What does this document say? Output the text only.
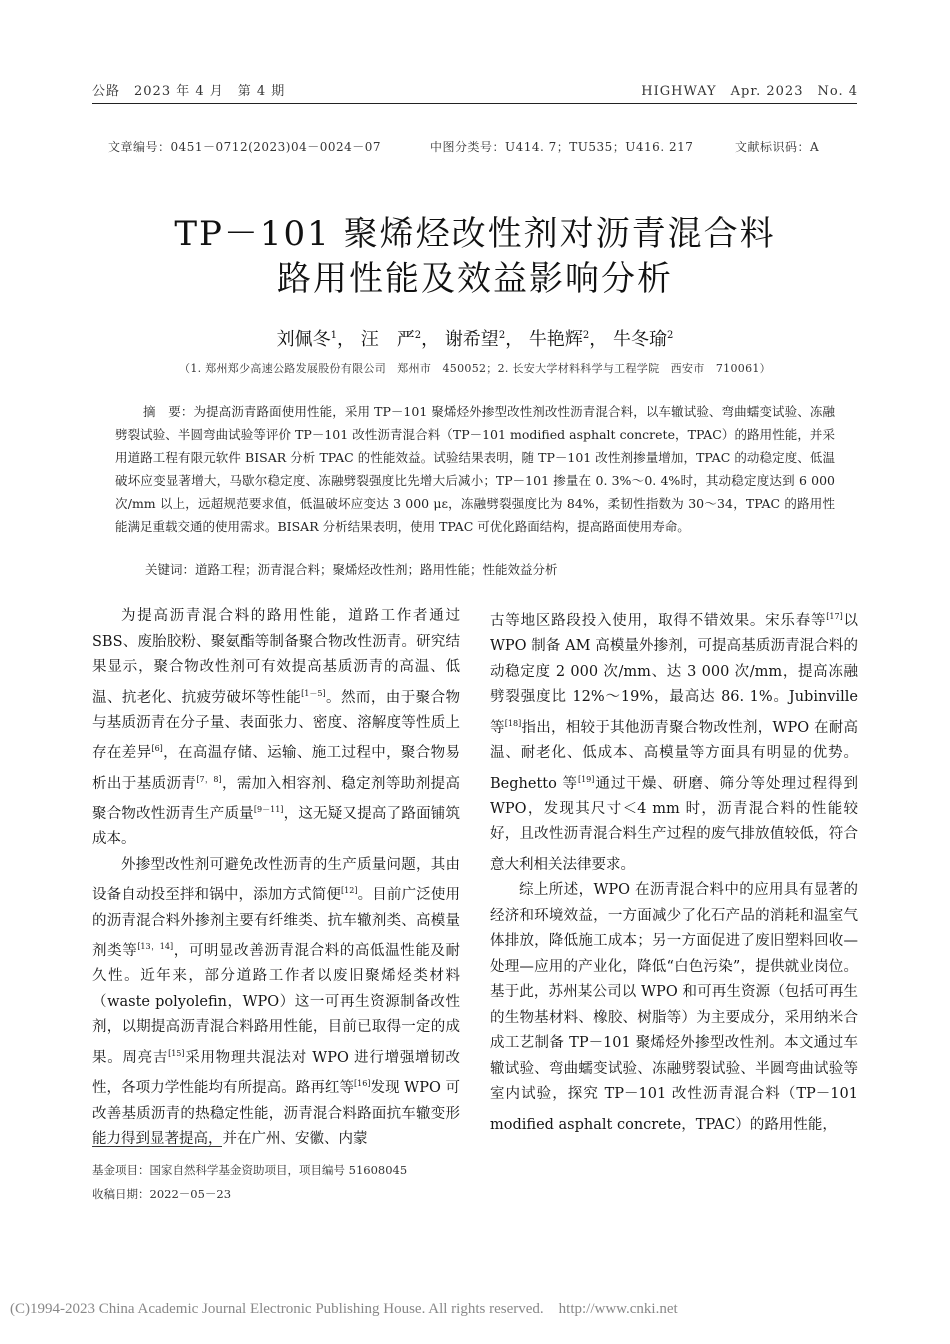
公路　2023 年 4 月　第 4 期	HIGHWAY　Apr. 2023　No. 4
文章编号：0451－0712(2023)04－0024－07	中图分类号：U414. 7；TU535；U416. 217	文献标识码：A
TP－101 聚烯烃改性剂对沥青混合料
路用性能及效益影响分析
刘佩冬$^1$， 汪　严$^2$， 谢希望$^2$， 牛艳辉$^2$， 牛冬瑜$^2$
（1. 郑州郑少高速公路发展股份有限公司　郑州市　450052；2. 长安大学材料科学与工程学院　西安市　710061）
摘　要：为提高沥青路面使用性能，采用 TP－101 聚烯烃外掺型改性剂改性沥青混合料，以车辙试验、弯曲蠕变试验、冻融劈裂试验、半圆弯曲试验等评价 TP－101 改性沥青混合料（TP－101 modified asphalt concrete，TPAC）的路用性能，并采用道路工程有限元软件 BISAR 分析 TPAC 的性能效益。试验结果表明，随 TP－101 改性剂掺量增加，TPAC 的动稳定度、低温破坏应变显著增大，马歇尔稳定度、冻融劈裂强度比先增大后减小；TP－101 掺量在 0. 3%～0. 4%时，其动稳定度达到 6 000 次/mm 以上，远超规范要求值，低温破坏应变达 3 000 με，冻融劈裂强度比为 84%，柔韧性指数为 30～34，TPAC 的路用性能满足重载交通的使用需求。BISAR 分析结果表明，使用 TPAC 可优化路面结构，提高路面使用寿命。
关键词：道路工程；沥青混合料；聚烯烃改性剂；路用性能；性能效益分析

为提高沥青混合料的路用性能，道路工作者通过 SBS、废胎胶粉、聚氨酯等制备聚合物改性沥青。研究结果显示，聚合物改性剂可有效提高基质沥青的高温、低温、抗老化、抗疲劳破坏等性能[1－5]。然而，由于聚合物与基质沥青在分子量、表面张力、密度、溶解度等性质上存在差异[6]，在高温存储、运输、施工过程中，聚合物易析出于基质沥青[7，8]，需加入相容剂、稳定剂等助剂提高聚合物改性沥青生产质量[9－11]，这无疑又提高了路面铺筑成本。

外掺型改性剂可避免改性沥青的生产质量问题，其由设备自动投至拌和锅中，添加方式简便[12]。目前广泛使用的沥青混合料外掺剂主要有纤维类、抗车辙剂类、高模量剂类等[13，14]，可明显改善沥青混合料的高低温性能及耐久性。近年来，部分道路工作者以废旧聚烯烃类材料（waste polyolefin，WPO）这一可再生资源制备改性剂，以期提高沥青混合料路用性能，目前已取得一定的成果。周亮吉[15]采用物理共混法对 WPO 进行增强增韧改性，各项力学性能均有所提高。路再红等[16]发现 WPO 可改善基质沥青的热稳定性能，沥青混合料路面抗车辙变形能力得到显著提高，并在广州、安徽、内蒙

古等地区路段投入使用，取得不错效果。宋乐春等[17]以 WPO 制备 AM 高模量外掺剂，可提高基质沥青混合料的动稳定度 2 000 次/mm、达 3 000 次/mm，提高冻融劈裂强度比 12%～19%，最高达 86. 1%。Jubinville 等[18]指出，相较于其他沥青聚合物改性剂，WPO 在耐高温、耐老化、低成本、高模量等方面具有明显的优势。Beghetto 等[19]通过干燥、研磨、筛分等处理过程得到 WPO，发现其尺寸＜4 mm 时，沥青混合料的性能较好，且改性沥青混合料生产过程的废气排放值较低，符合意大利相关法律要求。

综上所述，WPO 在沥青混合料中的应用具有显著的经济和环境效益，一方面减少了化石产品的消耗和温室气体排放，降低施工成本；另一方面促进了废旧塑料回收—处理—应用的产业化，降低“白色污染”，提供就业岗位。基于此，苏州某公司以 WPO 和可再生资源（包括可再生的生物基材料、橡胶、树脂等）为主要成分，采用纳米合成工艺制备 TP－101 聚烯烃外掺型改性剂。本文通过车辙试验、弯曲蠕变试验、冻融劈裂试验、半圆弯曲试验等室内试验，探究 TP－101 改性沥青混合料（TP－101 modified asphalt concrete，TPAC）的路用性能，

基金项目：国家自然科学基金资助项目，项目编号 51608045
收稿日期：2022－05－23
(C)1994-2023 China Academic Journal Electronic Publishing House. All rights reserved.　http://www.cnki.net
